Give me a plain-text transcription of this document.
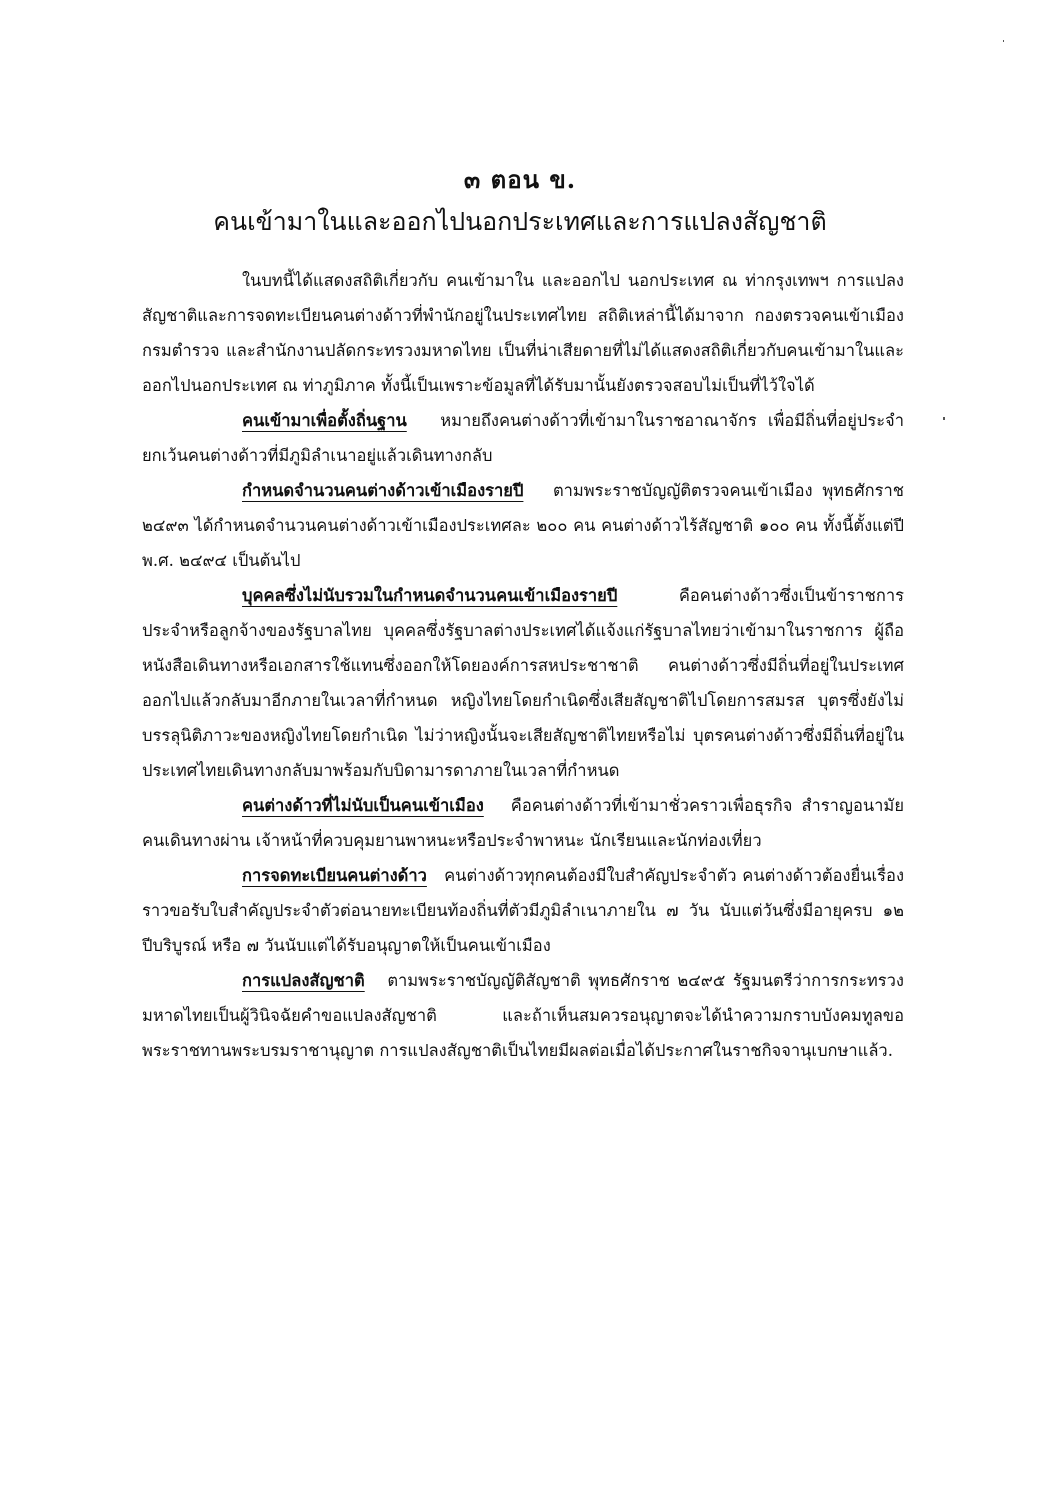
๓ ตอน ข.
คนเข้ามาในและออกไปนอกประเทศและการแปลงสัญชาติ

ในบทนี้ได้แสดงสถิติเกี่ยวกับ คนเข้ามาใน และออกไป นอกประเทศ ณ ท่ากรุงเทพฯ การแปลงสัญชาติและการจดทะเบียนคนต่างด้าวที่พำนักอยู่ในประเทศไทย สถิติเหล่านี้ได้มาจาก กองตรวจคนเข้าเมือง กรมตำรวจ และสำนักงานปลัดกระทรวงมหาดไทย เป็นที่น่าเสียดายที่ไม่ได้แสดงสถิติเกี่ยวกับคนเข้ามาในและออกไปนอกประเทศ ณ ท่าภูมิภาค ทั้งนี้เป็นเพราะข้อมูลที่ได้รับมานั้นยังตรวจสอบไม่เป็นที่ไว้ใจได้

คนเข้ามาเพื่อตั้งถิ่นฐาน หมายถึงคนต่างด้าวที่เข้ามาในราชอาณาจักร เพื่อมีถิ่นที่อยู่ประจำ ยกเว้นคนต่างด้าวที่มีภูมิลำเนาอยู่แล้วเดินทางกลับ

กำหนดจำนวนคนต่างด้าวเข้าเมืองรายปี ตามพระราชบัญญัติตรวจคนเข้าเมือง พุทธศักราช ๒๔๙๓ ได้กำหนดจำนวนคนต่างด้าวเข้าเมืองประเทศละ ๒๐๐ คน คนต่างด้าวไร้สัญชาติ ๑๐๐ คน ทั้งนี้ตั้งแต่ปี พ.ศ. ๒๔๙๔ เป็นต้นไป

บุคคลซึ่งไม่นับรวมในกำหนดจำนวนคนเข้าเมืองรายปี	คือคนต่างด้าวซึ่งเป็นข้าราชการประจำหรือลูกจ้างของรัฐบาลไทย บุคคลซึ่งรัฐบาลต่างประเทศได้แจ้งแก่รัฐบาลไทยว่าเข้ามาในราชการ ผู้ถือหนังสือเดินทางหรือเอกสารใช้แทนซึ่งออกให้โดยองค์การสหประชาชาติ คนต่างด้าวซึ่งมีถิ่นที่อยู่ในประเทศออกไปแล้วกลับมาอีกภายในเวลาที่กำหนด หญิงไทยโดยกำเนิดซึ่งเสียสัญชาติไปโดยการสมรส บุตรซึ่งยังไม่บรรลุนิติภาวะของหญิงไทยโดยกำเนิด ไม่ว่าหญิงนั้นจะเสียสัญชาติไทยหรือไม่ บุตรคนต่างด้าวซึ่งมีถิ่นที่อยู่ในประเทศไทยเดินทางกลับมาพร้อมกับบิดามารดาภายในเวลาที่กำหนด

คนต่างด้าวที่ไม่นับเป็นคนเข้าเมือง คือคนต่างด้าวที่เข้ามาชั่วคราวเพื่อธุรกิจ สำราญอนามัย คนเดินทางผ่าน เจ้าหน้าที่ควบคุมยานพาหนะหรือประจำพาหนะ นักเรียนและนักท่องเที่ยว

การจดทะเบียนคนต่างด้าว คนต่างด้าวทุกคนต้องมีใบสำคัญประจำตัว คนต่างด้าวต้องยื่นเรื่องราวขอรับใบสำคัญประจำตัวต่อนายทะเบียนท้องถิ่นที่ตัวมีภูมิลำเนาภายใน ๗ วัน นับแต่วันซึ่งมีอายุครบ ๑๒ ปีบริบูรณ์ หรือ ๗ วันนับแต่ได้รับอนุญาตให้เป็นคนเข้าเมือง

การแปลงสัญชาติ ตามพระราชบัญญัติสัญชาติ พุทธศักราช ๒๔๙๕ รัฐมนตรีว่าการกระทรวงมหาดไทยเป็นผู้วินิจฉัยคำขอแปลงสัญชาติ และถ้าเห็นสมควรอนุญาตจะได้นำความกราบบังคมทูลขอพระราชทานพระบรมราชานุญาต การแปลงสัญชาติเป็นไทยมีผลต่อเมื่อได้ประกาศในราชกิจจานุเบกษาแล้ว.
